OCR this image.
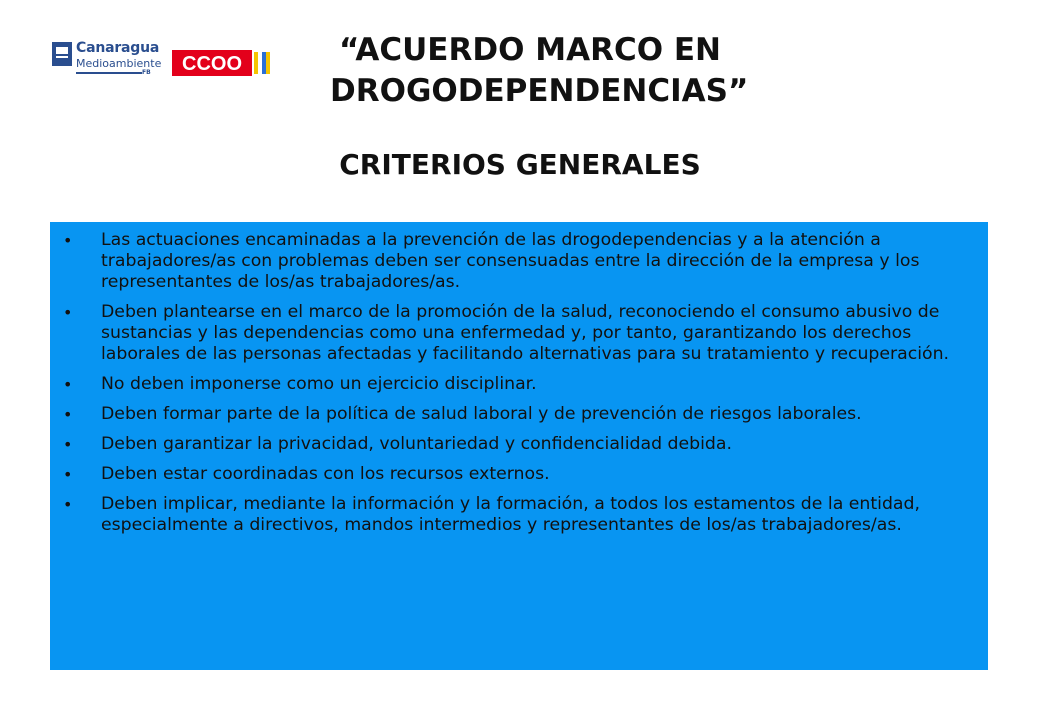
Canaragua
Medioambiente
FB CCOO	“ACUERDO MARCO EN DROGODEPENDENCIAS”
CRITERIOS GENERALES
• Las actuaciones encaminadas a la prevención de las drogodependencias y a la atención a trabajadores/as con problemas deben ser consensuadas entre la dirección de la empresa y los representantes de los/as trabajadores/as.
• Deben plantearse en el marco de la promoción de la salud, reconociendo el consumo abusivo de sustancias y las dependencias como una enfermedad y, por tanto, garantizando los derechos laborales de las personas afectadas y facilitando alternativas para su tratamiento y recuperación.
• No deben imponerse como un ejercicio disciplinar.
• Deben formar parte de la política de salud laboral y de prevención de riesgos laborales.
• Deben garantizar la privacidad, voluntariedad y confidencialidad debida.
• Deben estar coordinadas con los recursos externos.
• Deben implicar, mediante la información y la formación, a todos los estamentos de la entidad, especialmente a directivos, mandos intermedios y representantes de los/as trabajadores/as.
